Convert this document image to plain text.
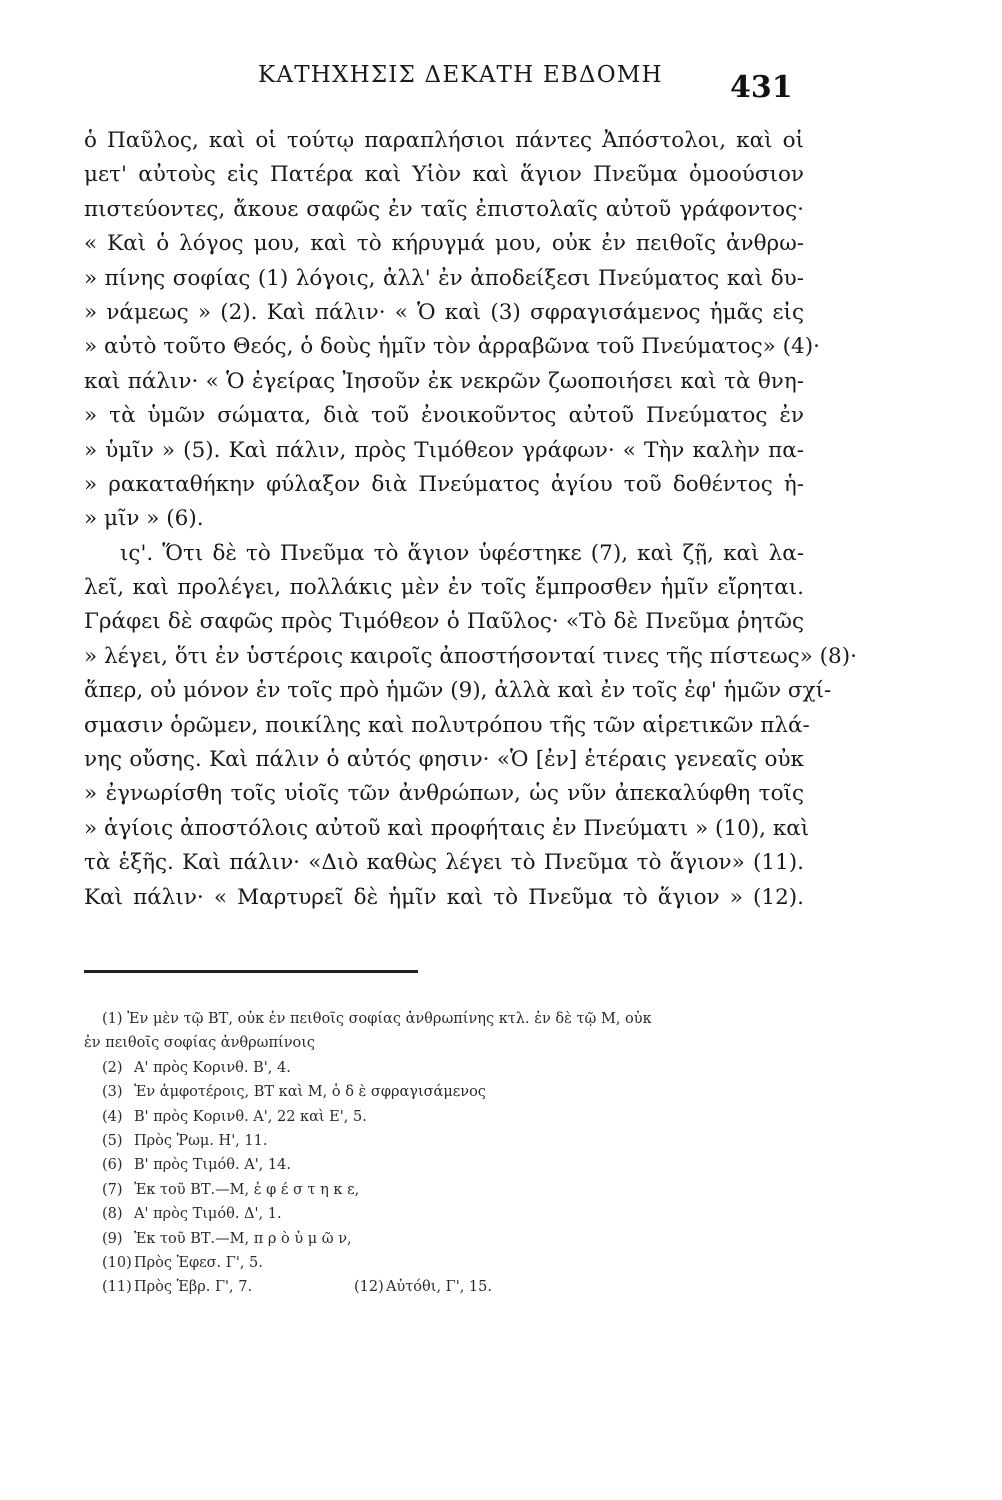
ΚΑΤΗΧΗΣΙΣ ΔΕΚΑΤΗ ΕΒΔΟΜΗ 431
ὁ Παῦλος, καὶ οἱ τούτῳ παραπλήσιοι πάντες Ἀπόστολοι, καὶ οἱ
μετ' αὐτοὺς εἰς Πατέρα καὶ Υἱὸν καὶ ἅγιον Πνεῦμα ὁμοούσιον
πιστεύοντες, ἄκουε σαφῶς ἐν ταῖς ἐπιστολαῖς αὐτοῦ γράφοντος·
« Καὶ ὁ λόγος μου, καὶ τὸ κήρυγμά μου, οὐκ ἐν πειθοῖς ἀνθρω-
» πίνης σοφίας (1) λόγοις, ἀλλ' ἐν ἀποδείξεσι Πνεύματος καὶ δυ-
» νάμεως » (2). Καὶ πάλιν· « Ὁ καὶ (3) σφραγισάμενος ἡμᾶς εἰς
» αὐτὸ τοῦτο Θεός, ὁ δοὺς ἡμῖν τὸν ἀρραβῶνα τοῦ Πνεύματος» (4)·
καὶ πάλιν· « Ὁ ἐγείρας Ἰησοῦν ἐκ νεκρῶν ζωοποιήσει καὶ τὰ θνη-
» τὰ ὑμῶν σώματα, διὰ τοῦ ἐνοικοῦντος αὐτοῦ Πνεύματος ἐν
» ὑμῖν » (5). Καὶ πάλιν, πρὸς Τιμόθεον γράφων· « Τὴν καλὴν πα-
» ρακαταθήκην φύλαξον διὰ Πνεύματος ἁγίου τοῦ δοθέντος ἡ-
» μῖν » (6).
ις'. Ὅτι δὲ τὸ Πνεῦμα τὸ ἅγιον ὑφέστηκε (7), καὶ ζῇ, καὶ λα-
λεῖ, καὶ προλέγει, πολλάκις μὲν ἐν τοῖς ἔμπροσθεν ἡμῖν εἴρηται.
Γράφει δὲ σαφῶς πρὸς Τιμόθεον ὁ Παῦλος· «Τὸ δὲ Πνεῦμα ῥητῶς
» λέγει, ὅτι ἐν ὑστέροις καιροῖς ἀποστήσονταί τινες τῆς πίστεως» (8)·
ἅπερ, οὐ μόνον ἐν τοῖς πρὸ ἡμῶν (9), ἀλλὰ καὶ ἐν τοῖς ἐφ' ἡμῶν σχί-
σμασιν ὁρῶμεν, ποικίλης καὶ πολυτρόπου τῆς τῶν αἱρετικῶν πλά-
νης οὔσης. Καὶ πάλιν ὁ αὐτός φησιν· «Ὁ [ἐν] ἑτέραις γενεαῖς οὐκ
» ἐγνωρίσθη τοῖς υἱοῖς τῶν ἀνθρώπων, ὡς νῦν ἀπεκαλύφθη τοῖς
» ἁγίοις ἀποστόλοις αὐτοῦ καὶ προφήταις ἐν Πνεύματι » (10), καὶ
τὰ ἑξῆς. Καὶ πάλιν· «Διὸ καθὼς λέγει τὸ Πνεῦμα τὸ ἅγιον» (11).
Καὶ πάλιν· « Μαρτυρεῖ δὲ ἡμῖν καὶ τὸ Πνεῦμα τὸ ἅγιον » (12).
(1) Ἐν μὲν τῷ ΒΤ, οὐκ ἐν πειθοῖς σοφίας ἀνθρωπίνης κτλ. ἐν δὲ τῷ Μ, οὐκ
ἐν πειθοῖς σοφίας ἀνθρωπίνοις
(2) Α' πρὸς Κορινθ. Β', 4.
(3) Ἐν ἀμφοτέροις, ΒΤ καὶ Μ, ὁ δ ὲ σφραγισάμενος
(4) Β' πρὸς Κορινθ. Α', 22 καὶ Ε', 5.
(5) Πρὸς Ῥωμ. Η', 11.
(6) Β' πρὸς Τιμόθ. Α', 14.
(7) Ἐκ τοῦ ΒΤ.—Μ, ἐ φ έ σ τ η κ ε,
(8) Α' πρὸς Τιμόθ. Δ', 1.
(9) Ἐκ τοῦ ΒΤ.—Μ, π ρ ὸ ὑ μ ῶ ν,
(10) Πρὸς Ἐφεσ. Γ', 5.
(11) Πρὸς Ἑβρ. Γ', 7.	(12) Αὐτόθι, Γ', 15.
